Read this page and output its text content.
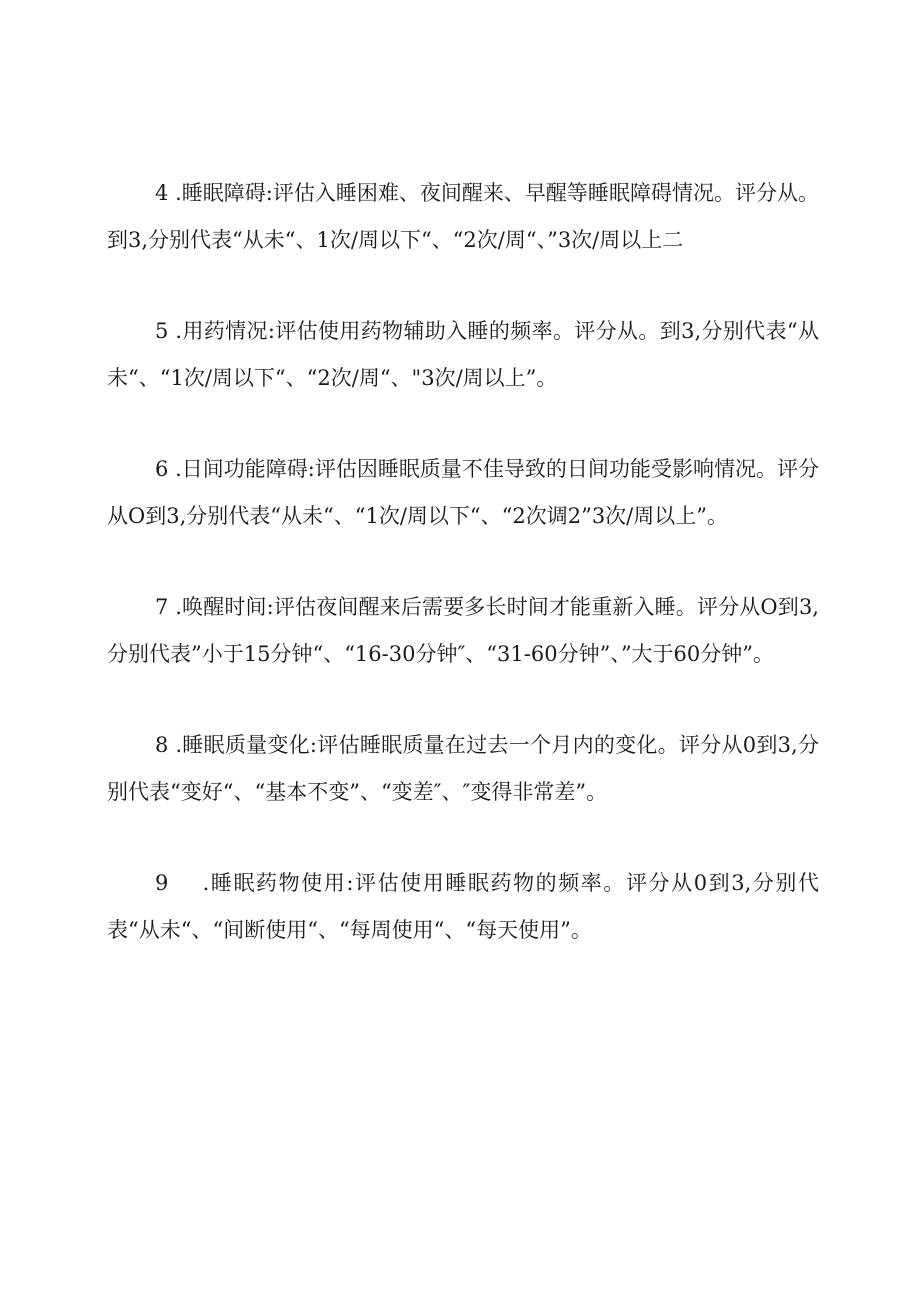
4 .睡眠障碍:评估入睡困难、夜间醒来、早醒等睡眠障碍情况。评分从。到3,分别代表“从未“、1次/周以下“、“2次/周“、”3次/周以上二

5 .用药情况:评估使用药物辅助入睡的频率。评分从。到3,分别代表“从未“、“1次/周以下“、“2次/周“、"3次/周以上”。

6 .日间功能障碍:评估因睡眠质量不佳导致的日间功能受影响情况。评分从O到3,分别代表“从未“、“1次/周以下“、“2次调2”3次/周以上”。

7 .唤醒时间:评估夜间醒来后需要多长时间才能重新入睡。评分从O到3,分别代表”小于15分钟“、“16-30分钟″、“31-60分钟”、”大于60分钟”。

8 .睡眠质量变化:评估睡眠质量在过去一个月内的变化。评分从0到3,分别代表“变好“、“基本不变”、“变差″、″变得非常差”。

9 .睡眠药物使用:评估使用睡眠药物的频率。评分从0到3,分别代表“从未“、“间断使用“、“每周使用“、“每天使用”。
